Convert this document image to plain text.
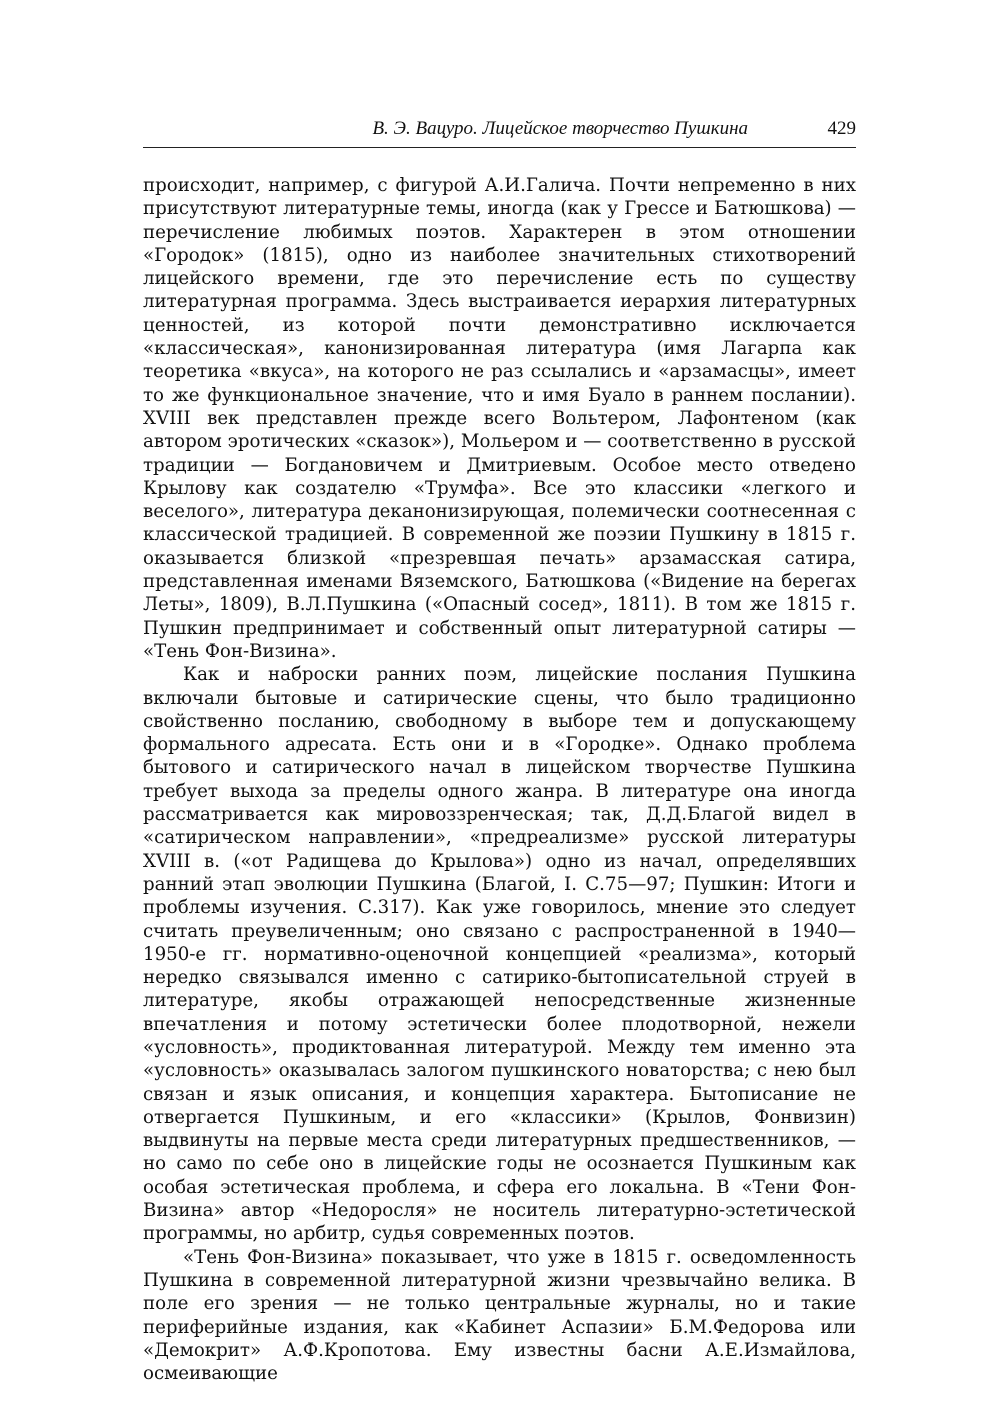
В. Э. Вацуро. Лицейское творчество Пушкина	429

происходит, например, с фигурой А.И.Галича. Почти непременно в них присутствуют литературные темы, иногда (как у Грессе и Батюшкова) — перечисление любимых поэтов. Характерен в этом отношении «Городок» (1815), одно из наиболее значительных стихотворений лицейского времени, где это перечисление есть по существу литературная программа. Здесь выстраивается иерархия литературных ценностей, из которой почти демонстративно исключается «классическая», канонизированная литература (имя Лагарпа как теоретика «вкуса», на которого не раз ссылались и «арзамасцы», имеет то же функциональное значение, что и имя Буало в раннем послании). XVIII век представлен прежде всего Вольтером, Лафонтеном (как автором эротических «сказок»), Мольером и — соответственно в русской традиции — Богдановичем и Дмитриевым. Особое место отведено Крылову как создателю «Трумфа». Все это классики «легкого и веселого», литература деканонизирующая, полемически соотнесенная с классической традицией. В современной же поэзии Пушкину в 1815 г. оказывается близкой «презревшая печать» арзамасская сатира, представленная именами Вяземского, Батюшкова («Видение на берегах Леты», 1809), В.Л.Пушкина («Опасный сосед», 1811). В том же 1815 г. Пушкин предпринимает и собственный опыт литературной сатиры — «Тень Фон-Визина».

Как и наброски ранних поэм, лицейские послания Пушкина включали бытовые и сатирические сцены, что было традиционно свойственно посланию, свободному в выборе тем и допускающему формального адресата. Есть они и в «Городке». Однако проблема бытового и сатирического начал в лицейском творчестве Пушкина требует выхода за пределы одного жанра. В литературе она иногда рассматривается как мировоззренческая; так, Д.Д.Благой видел в «сатирическом направлении», «предреализме» русской литературы XVIII в. («от Радищева до Крылова») одно из начал, определявших ранний этап эволюции Пушкина (Благой, I. С.75—97; Пушкин: Итоги и проблемы изучения. С.317). Как уже говорилось, мнение это следует считать преувеличенным; оно связано с распространенной в 1940—1950-е гг. нормативно-оценочной концепцией «реализма», который нередко связывался именно с сатирико-бытописательной струей в литературе, якобы отражающей непосредственные жизненные впечатления и потому эстетически более плодотворной, нежели «условность», продиктованная литературой. Между тем именно эта «условность» оказывалась залогом пушкинского новаторства; с нею был связан и язык описания, и концепция характера. Бытописание не отвергается Пушкиным, и его «классики» (Крылов, Фонвизин) выдвинуты на первые места среди литературных предшественников, — но само по себе оно в лицейские годы не осознается Пушкиным как особая эстетическая проблема, и сфера его локальна. В «Тени Фон-Визина» автор «Недоросля» не носитель литературно-эстетической программы, но арбитр, судья современных поэтов.

«Тень Фон-Визина» показывает, что уже в 1815 г. осведомленность Пушкина в современной литературной жизни чрезвычайно велика. В поле его зрения — не только центральные журналы, но и такие периферийные издания, как «Кабинет Аспазии» Б.М.Федорова или «Демокрит» А.Ф.Кропотова. Ему известны басни А.Е.Измайлова, осмеивающие
